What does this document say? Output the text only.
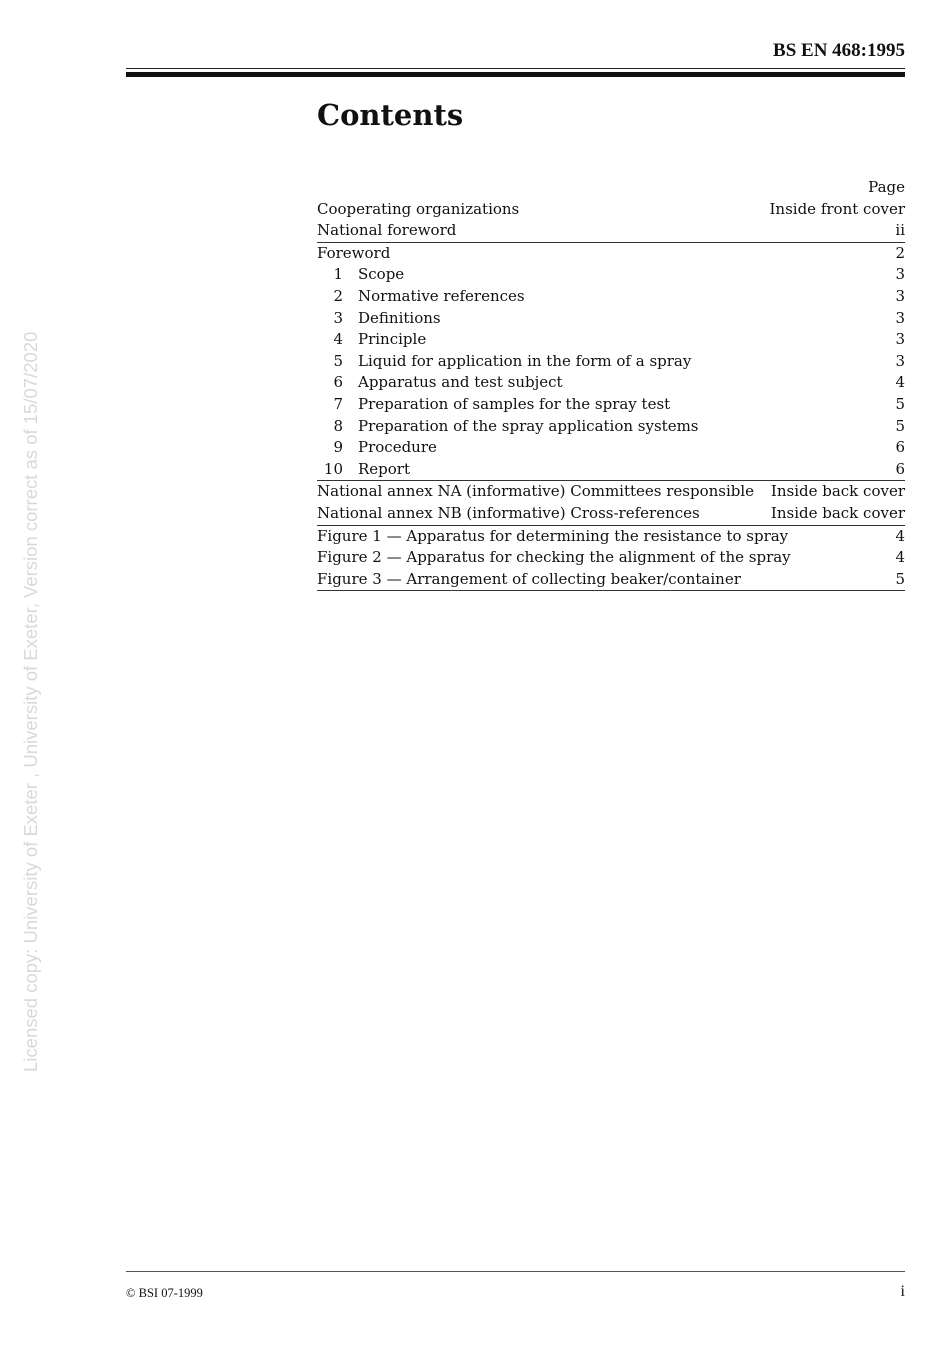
BS EN 468:1995
Contents
Page
Cooperating organizations	Inside front cover
National foreword	ii
Foreword	2
1 Scope	3
2 Normative references	3
3 Definitions	3
4 Principle	3
5 Liquid for application in the form of a spray	3
6 Apparatus and test subject	4
7 Preparation of samples for the spray test	5
8 Preparation of the spray application systems	5
9 Procedure	6
10 Report	6
National annex NA (informative) Committees responsible	Inside back cover
National annex NB (informative) Cross-references	Inside back cover
Figure 1 — Apparatus for determining the resistance to spray	4
Figure 2 — Apparatus for checking the alignment of the spray	4
Figure 3 — Arrangement of collecting beaker/container	5
Licensed copy: University of Exeter , University of Exeter, Version correct as of 15/07/2020
© BSI 07-1999	i
